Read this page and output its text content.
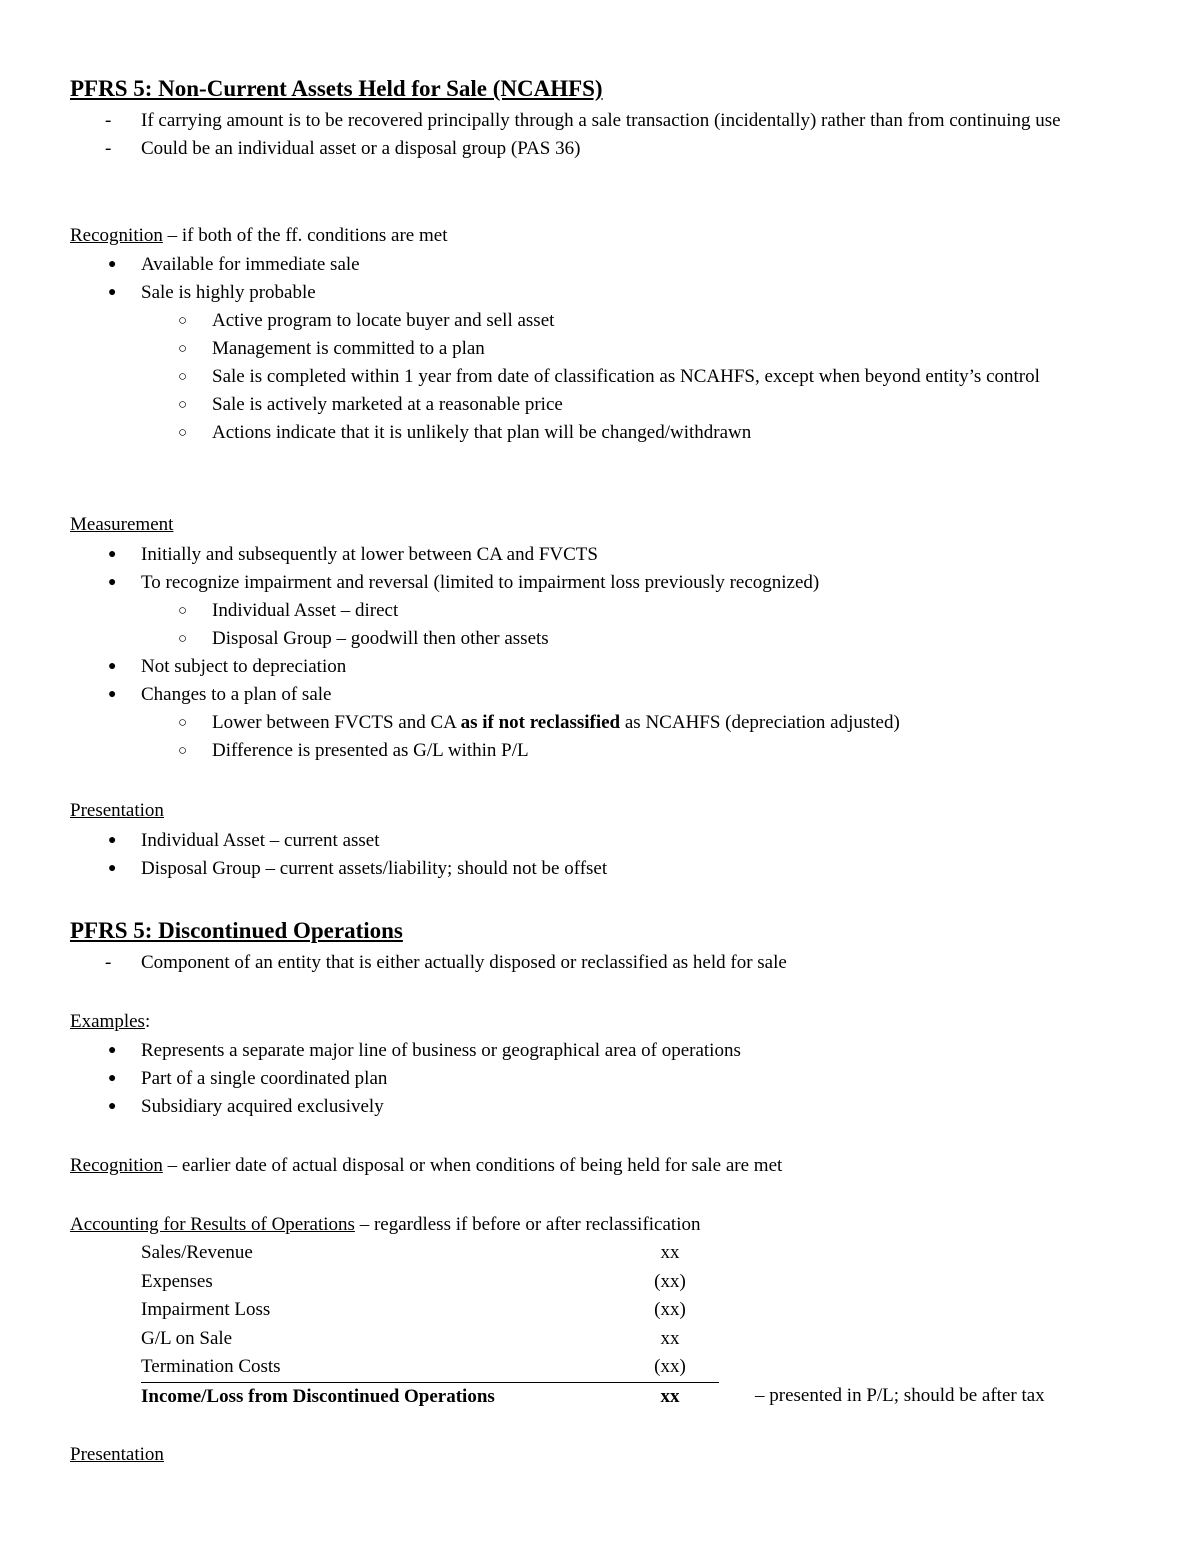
PFRS 5: Non-Current Assets Held for Sale (NCAHFS)
- If carrying amount is to be recovered principally through a sale transaction (incidentally) rather than from continuing use
- Could be an individual asset or a disposal group (PAS 36)

Recognition – if both of the ff. conditions are met

● Available for immediate sale
● Sale is highly probable
○ Active program to locate buyer and sell asset
○ Management is committed to a plan
○ Sale is completed within 1 year from date of classification as NCAHFS, except when beyond entity’s control
○ Sale is actively marketed at a reasonable price
○ Actions indicate that it is unlikely that plan will be changed/withdrawn

Measurement

● Initially and subsequently at lower between CA and FVCTS
● To recognize impairment and reversal (limited to impairment loss previously recognized)
○ Individual Asset – direct
○ Disposal Group – goodwill then other assets
● Not subject to depreciation
● Changes to a plan of sale
○ Lower between FVCTS and CA as if not reclassified as NCAHFS (depreciation adjusted)
○ Difference is presented as G/L within P/L

Presentation

● Individual Asset – current asset
● Disposal Group – current assets/liability; should not be offset
PFRS 5: Discontinued Operations
- Component of an entity that is either actually disposed or reclassified as held for sale

Examples:

● Represents a separate major line of business or geographical area of operations
● Part of a single coordinated plan
● Subsidiary acquired exclusively

Recognition – earlier date of actual disposal or when conditions of being held for sale are met

Accounting for Results of Operations – regardless if before or after reclassification

Sales/Revenue	xx	
Expenses	(xx)	
Impairment Loss	(xx)	
G/L on Sale	xx	
Termination Costs	(xx)	
Income/Loss from Discontinued Operations	xx	– presented in P/L; should be after tax

Presentation
